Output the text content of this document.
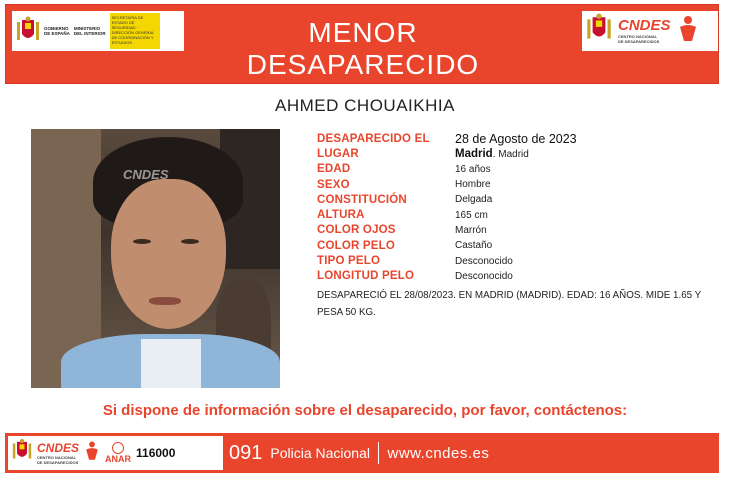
GOBIERNO
DE ESPAÑA
MINISTERIO
DEL INTERIOR
SECRETARÍA DE ESTADO DE SEGURIDAD · DIRECCIÓN GENERAL DE COORDINACIÓN Y ESTUDIOS	MENOR
DESAPARECIDO
CNDES
CENTRO NACIONAL
DE DESAPARECIDOS
AHMED CHOUAIKHIA
CNDES
DESAPARECIDO EL	28 de Agosto de 2023
LUGAR	Madrid. Madrid
EDAD	16 años
SEXO	Hombre
CONSTITUCIÓN	Delgada
ALTURA	165 cm
COLOR OJOS	Marrón
COLOR PELO	Castaño
TIPO PELO	Desconocido
LONGITUD PELO	Desconocido
DESAPARECIÓ EL 28/08/2023. EN MADRID (MADRID). EDAD: 16 AÑOS. MIDE 1.65 Y PESA 50 KG.
Si dispone de información sobre el desaparecido, por favor, contáctenos:
CNDES
CENTRO NACIONAL
DE DESAPARECIDOS	ANAR 116000	091 Policia Nacional www.cndes.es
